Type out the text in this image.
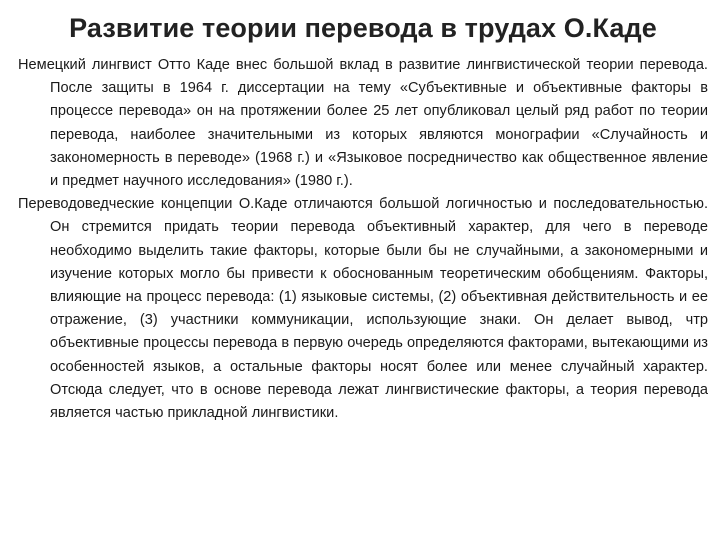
Развитие теории перевода в трудах О.Каде

Немецкий лингвист Отто Каде внес большой вклад в развитие лингвистической теории перевода. После защиты в 1964 г. диссертации на тему «Субъективные и объективные факторы в процессе перевода» он на протяжении более 25 лет опубликовал целый ряд работ по теории перевода, наиболее значительными из которых являются монографии «Случайность и закономерность в переводе» (1968 г.) и «Языковое посредничество как общественное явление и предмет научного исследования» (1980 г.).

Переводоведческие концепции О.Каде отличаются большой логичностью и последовательностью. Он стремится придать теории перевода объективный характер, для чего в переводе необходимо выделить такие факторы, которые были бы не случайными, а закономерными и изучение которых могло бы привести к обоснованным теоретическим обобщениям. Факторы, влияющие на процесс перевода: (1) языковые системы, (2) объективная действительность и ее отражение, (3) участники коммуникации, использующие знаки. Он делает вывод, чтр объективные процессы перевода в первую очередь определяются факторами, вытекающими из особенностей языков, а остальные факторы носят более или менее случайный характер. Отсюда следует, что в основе перевода лежат лингвистические факторы, а теория перевода является частью прикладной лингвистики.
